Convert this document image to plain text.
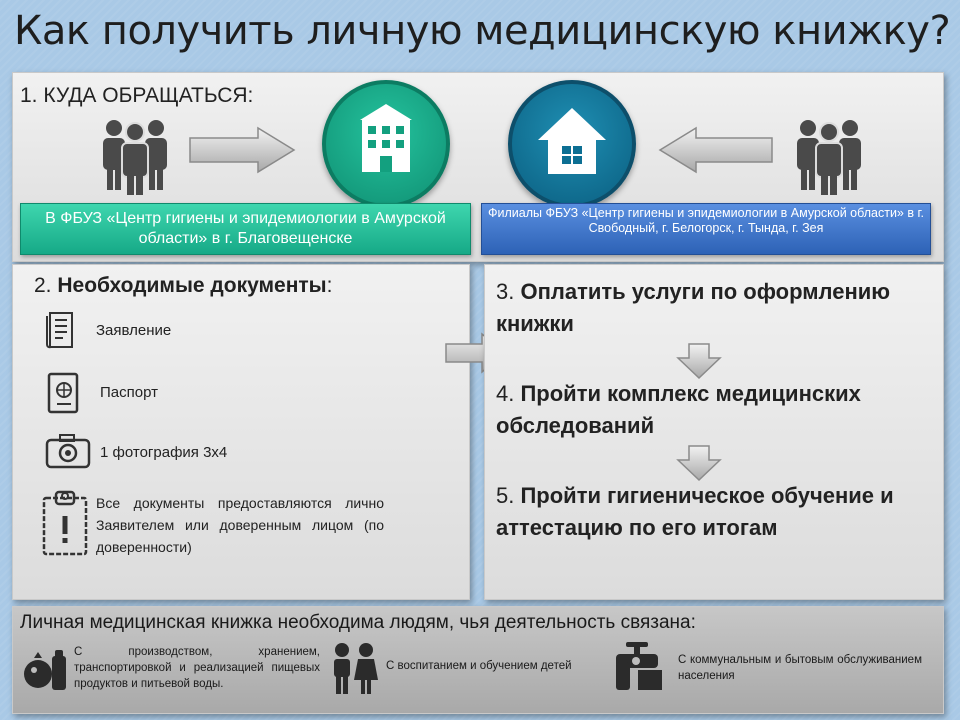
Как получить личную медицинскую книжку?
1. КУДА ОБРАЩАТЬСЯ:
В ФБУЗ «Центр гигиены и эпидемиологии в Амурской области» в г. Благовещенске
Филиалы ФБУЗ «Центр гигиены и эпидемиологии в Амурской области» в г. Свободный, г. Белогорск, г. Тында, г. Зея
2. Необходимые документы:
Заявление
Паспорт
1 фотография 3х4
Все документы предоставляются лично Заявителем или доверенным лицом (по доверенности)
3. Оплатить услуги по оформлению книжки
4. Пройти комплекс медицинских обследований
5. Пройти гигиеническое обучение и аттестацию по его итогам
Личная медицинская книжка необходима людям, чья деятельность связана:
С производством, хранением, транспортировкой и реализацией пищевых продуктов и питьевой воды.
С воспитанием и обучением детей	С коммунальным и бытовым обслуживанием населения
